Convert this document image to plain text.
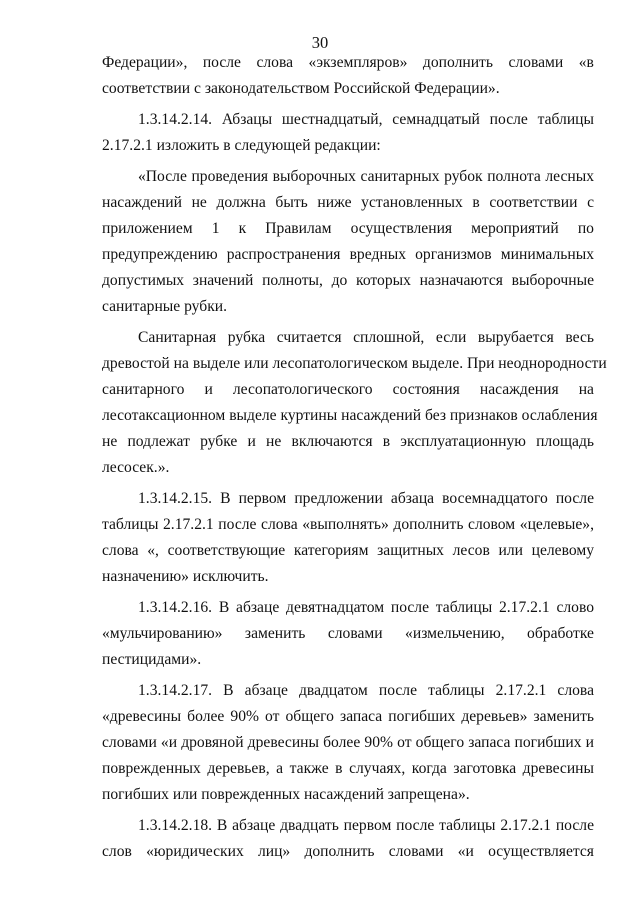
30

Федерации», после слова «экземпляров» дополнить словами «в
соответствии с законодательством Российской Федерации».

1.3.14.2.14. Абзацы шестнадцатый, семнадцатый после таблицы
2.17.2.1 изложить в следующей редакции:

«После проведения выборочных санитарных рубок полнота лесных
насаждений не должна быть ниже установленных в соответствии с
приложением 1 к Правилам осуществления мероприятий по
предупреждению распространения вредных организмов минимальных
допустимых значений полноты, до которых назначаются выборочные
санитарные рубки.

Санитарная рубка считается сплошной, если вырубается весь
древостой на выделе или лесопатологическом выделе. При неоднородности
санитарного и лесопатологического состояния насаждения на
лесотаксационном выделе куртины насаждений без признаков ослабления
не подлежат рубке и не включаются в эксплуатационную площадь
лесосек.».

1.3.14.2.15. В первом предложении абзаца восемнадцатого после
таблицы 2.17.2.1 после слова «выполнять» дополнить словом «целевые»,
слова «, соответствующие категориям защитных лесов или целевому
назначению» исключить.

1.3.14.2.16. В абзаце девятнадцатом после таблицы 2.17.2.1 слово
«мульчированию» заменить словами «измельчению, обработке
пестицидами».

1.3.14.2.17. В абзаце двадцатом после таблицы 2.17.2.1 слова
«древесины более 90% от общего запаса погибших деревьев» заменить
словами «и дровяной древесины более 90% от общего запаса погибших и
поврежденных деревьев, а также в случаях, когда заготовка древесины
погибших или поврежденных насаждений запрещена».

1.3.14.2.18. В абзаце двадцать первом после таблицы 2.17.2.1 после
слов «юридических лиц» дополнить словами «и осуществляется
